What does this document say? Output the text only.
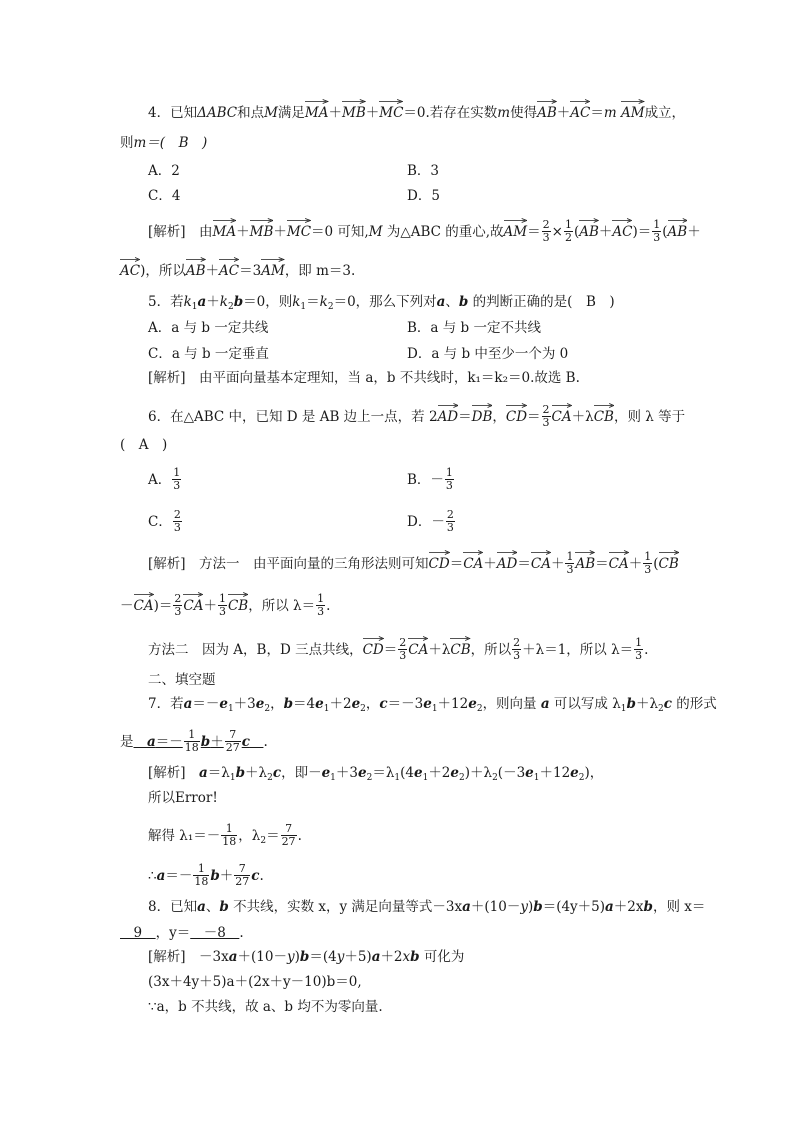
4．已知ΔABC和点M满足
MA＋
MB＋
MC＝0.若存在实数m使得
AB＋
AC＝m AM成立，
则m＝(　B　)
A．2	B．3
C．4	D．5
[解析]　 由
MA＋
MB＋
MC＝0 可知,M 为△ABC 的重心,故
$AM= \frac{2}{3} \times \frac{1}{2}$ (
AB＋
$AC)= \frac{1}{3}$ (
AB＋
AC)，所以
AB＋
AC＝3
AM，即 m＝3.
5．若$k_1a+k_2b=0$，则$k_1=k_2=0$，那么下列对a、b 的判断正确的是(　B　)
A．a 与 b 一定共线	B．a 与 b 一定不共线
C．a 与 b 一定垂直	D．a 与 b 中至少一个为 0
[解析]　 由平面向量基本定理知，当 a，b 不共线时，k₁＝k₂＝0.故选 B.
6．在△ABC 中，已知 D 是 AB 边上一点，若 2
AD＝
DB，
$CD= \frac{2}{3} CA+\lambda$
CB，则 λ 等于
(　A　)
A． $\frac{1}{3}$	B．－ $\frac{1}{3}$
C． $\frac{2}{3}$	D．－ $\frac{2}{3}$
[解析]　 方法一　由平面向量的三角形法则可知
CD＝
CA＋
AD＝
$CA+ \frac{1}{3} AB=$
$CA+ \frac{1}{3}$ (
CB
－
$CA)= \frac{2}{3} CA+ \frac{1}{3}$ CB，所以 $\lambda= \frac{1}{3}$ .
方法二　因为 A，B，D 三点共线，
$CD= \frac{2}{3} CA+\lambda$
CB，所以 $\frac{2}{3} +\lambda=1$，所以 $\lambda= \frac{1}{3}$ .
二、填空题
7．若$a=-e_1+3e_2$，$b=4e_1+2e_2$，$c=-3e_1+12e_2$，则向量 a 可以写成 $\lambda_1b+\lambda_2c$ 的形式
是　 $a=- \frac{1}{18} b+ \frac{7}{27}$ c　 .
[解析]　 $a=\lambda_1b+\lambda_2c$，即$-e_1+3e_2=\lambda_1(4e_1+2e_2)+\lambda_2(-3e_1+12e_2)$，
所以Error!
解得 $\lambda_1=- \frac{1}{18}$ ，$\lambda_2= \frac{7}{27}$ .
∴a＝－ $\frac{1}{18} b+ \frac{7}{27} c$.
8．已知a、b 不共线，实数 x，y 满足向量等式－3xa＋(10－y)b＝(4y＋5)a＋2xb，则 x＝
　9　，y＝　－8　.
[解析]　 －3xa＋(10－y)b＝(4y＋5)a＋2xb 可化为
(3x＋4y＋5)a＋(2x＋y－10)b＝0,
∵a，b 不共线，故 a、b 均不为零向量.
